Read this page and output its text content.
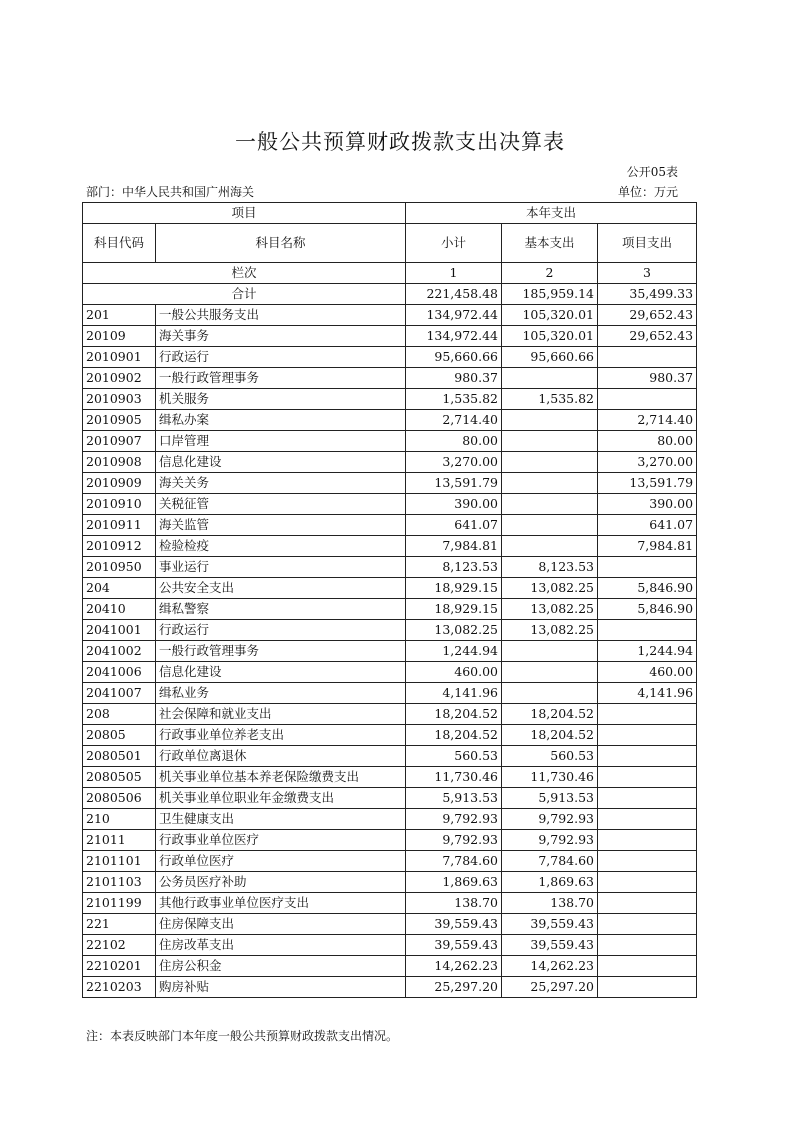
一般公共预算财政拨款支出决算表
公开05表
部门：中华人民共和国广州海关	单位：万元
项目		本年支出		
科目代码	科目名称	小计	基本支出	项目支出
栏次		1	2	3
合计		221,458.48	185,959.14	35,499.33
201	一般公共服务支出	134,972.44	105,320.01	29,652.43
20109	海关事务	134,972.44	105,320.01	29,652.43
2010901	行政运行	95,660.66	95,660.66	
2010902	一般行政管理事务	980.37		980.37
2010903	机关服务	1,535.82	1,535.82	
2010905	缉私办案	2,714.40		2,714.40
2010907	口岸管理	80.00		80.00
2010908	信息化建设	3,270.00		3,270.00
2010909	海关关务	13,591.79		13,591.79
2010910	关税征管	390.00		390.00
2010911	海关监管	641.07		641.07
2010912	检验检疫	7,984.81		7,984.81
2010950	事业运行	8,123.53	8,123.53	
204	公共安全支出	18,929.15	13,082.25	5,846.90
20410	缉私警察	18,929.15	13,082.25	5,846.90
2041001	行政运行	13,082.25	13,082.25	
2041002	一般行政管理事务	1,244.94		1,244.94
2041006	信息化建设	460.00		460.00
2041007	缉私业务	4,141.96		4,141.96
208	社会保障和就业支出	18,204.52	18,204.52	
20805	行政事业单位养老支出	18,204.52	18,204.52	
2080501	行政单位离退休	560.53	560.53	
2080505	机关事业单位基本养老保险缴费支出	11,730.46	11,730.46	
2080506	机关事业单位职业年金缴费支出	5,913.53	5,913.53	
210	卫生健康支出	9,792.93	9,792.93	
21011	行政事业单位医疗	9,792.93	9,792.93	
2101101	行政单位医疗	7,784.60	7,784.60	
2101103	公务员医疗补助	1,869.63	1,869.63	
2101199	其他行政事业单位医疗支出	138.70	138.70	
221	住房保障支出	39,559.43	39,559.43	
22102	住房改革支出	39,559.43	39,559.43	
2210201	住房公积金	14,262.23	14,262.23	
2210203	购房补贴	25,297.20	25,297.20	
注：本表反映部门本年度一般公共预算财政拨款支出情况。
